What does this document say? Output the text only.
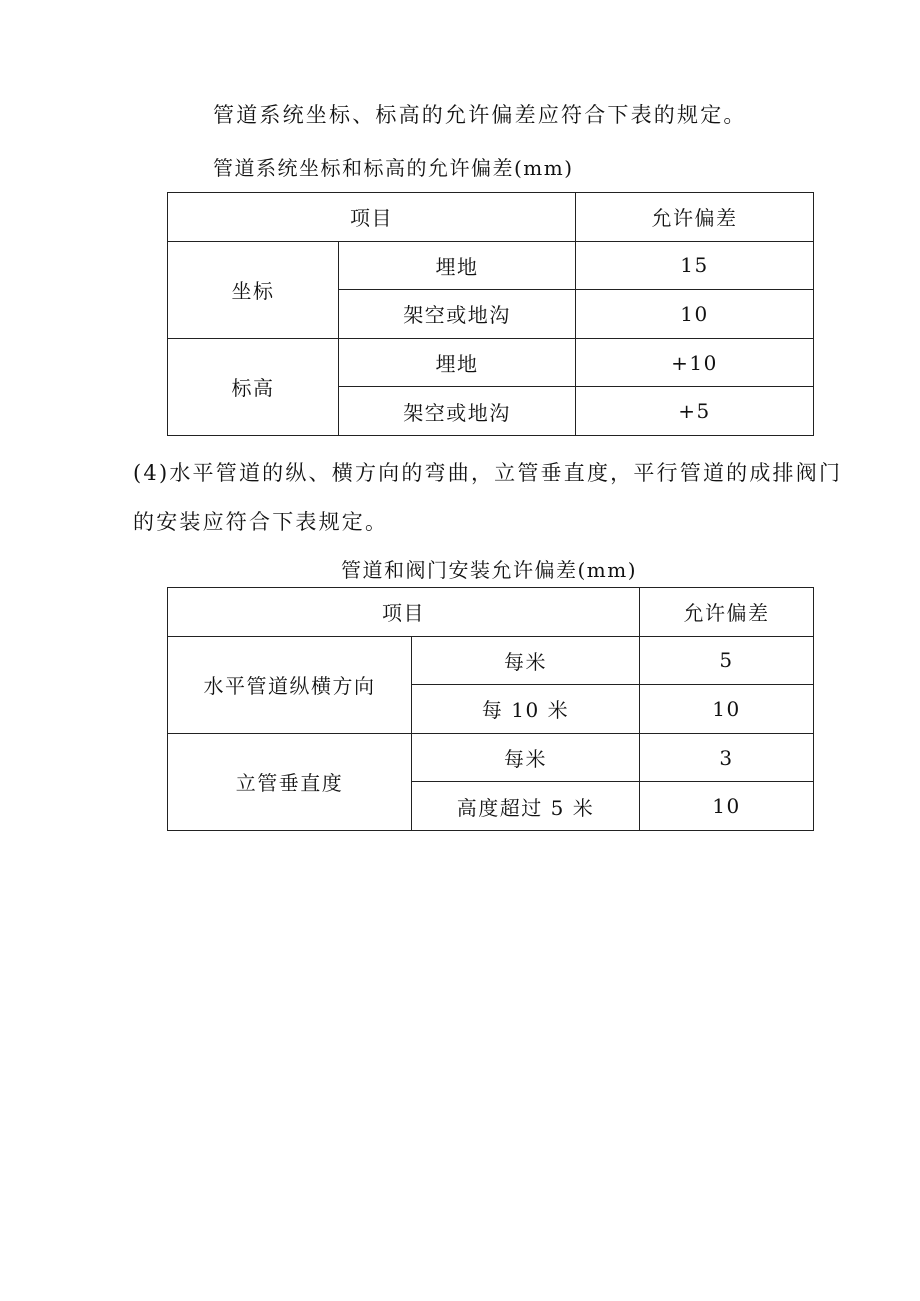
管道系统坐标、标高的允许偏差应符合下表的规定。
管道系统坐标和标高的允许偏差(mm)
项目		允许偏差
坐标	埋地	15
	架空或地沟	10
标高	埋地	+10
	架空或地沟	+5
(4)水平管道的纵、横方向的弯曲，立管垂直度，平行管道的成排阀门
的安装应符合下表规定。
管道和阀门安装允许偏差(mm)
项目		允许偏差
水平管道纵横方向	每米	5
	每 10 米	10
立管垂直度	每米	3
	高度超过 5 米	10
